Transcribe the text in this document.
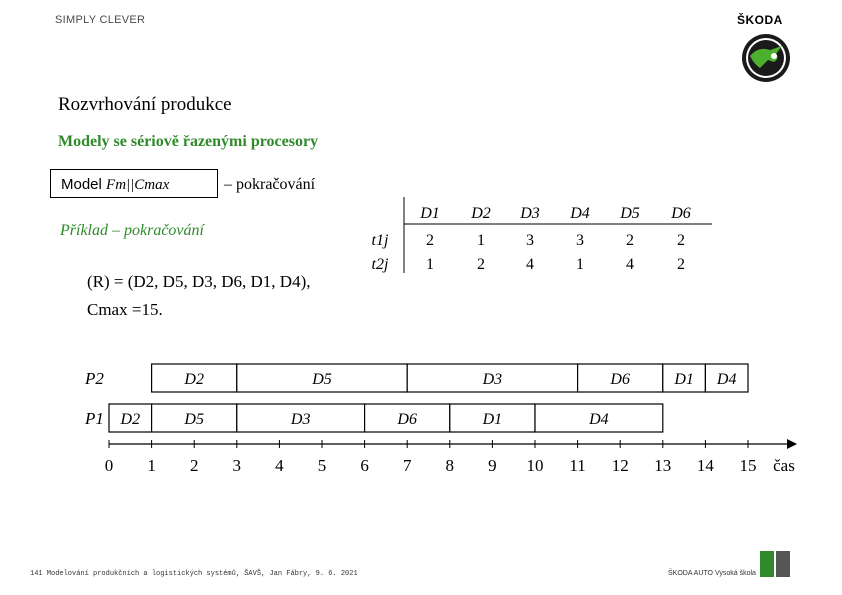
SIMPLY CLEVER	ŠKODA
Rozvrhování produkce
Modely se sériově řazenými procesory
Model Fm||Cmax	– pokračování
Příklad – pokračování
(R) = (D2, D5, D3, D6, D1, D4),
Cmax =15.
D1 D2 D3 D4 D5 D6
t1j 2	1	3	3	2	2
t2j 1	2	4	1	4	2
P2	D2	D5	D3	D6	D1 D4
P1 D2	D5	D3	D6	D1	D4
0 1 2 3 4 5 6 7 8 9 10 11 12 13 14 15 čas
141 Modelování produkčních a logistických systémů, ŠAVŠ, Jan Fábry, 9. 6. 2021	ŠKODA AUTO Vysoká škola
